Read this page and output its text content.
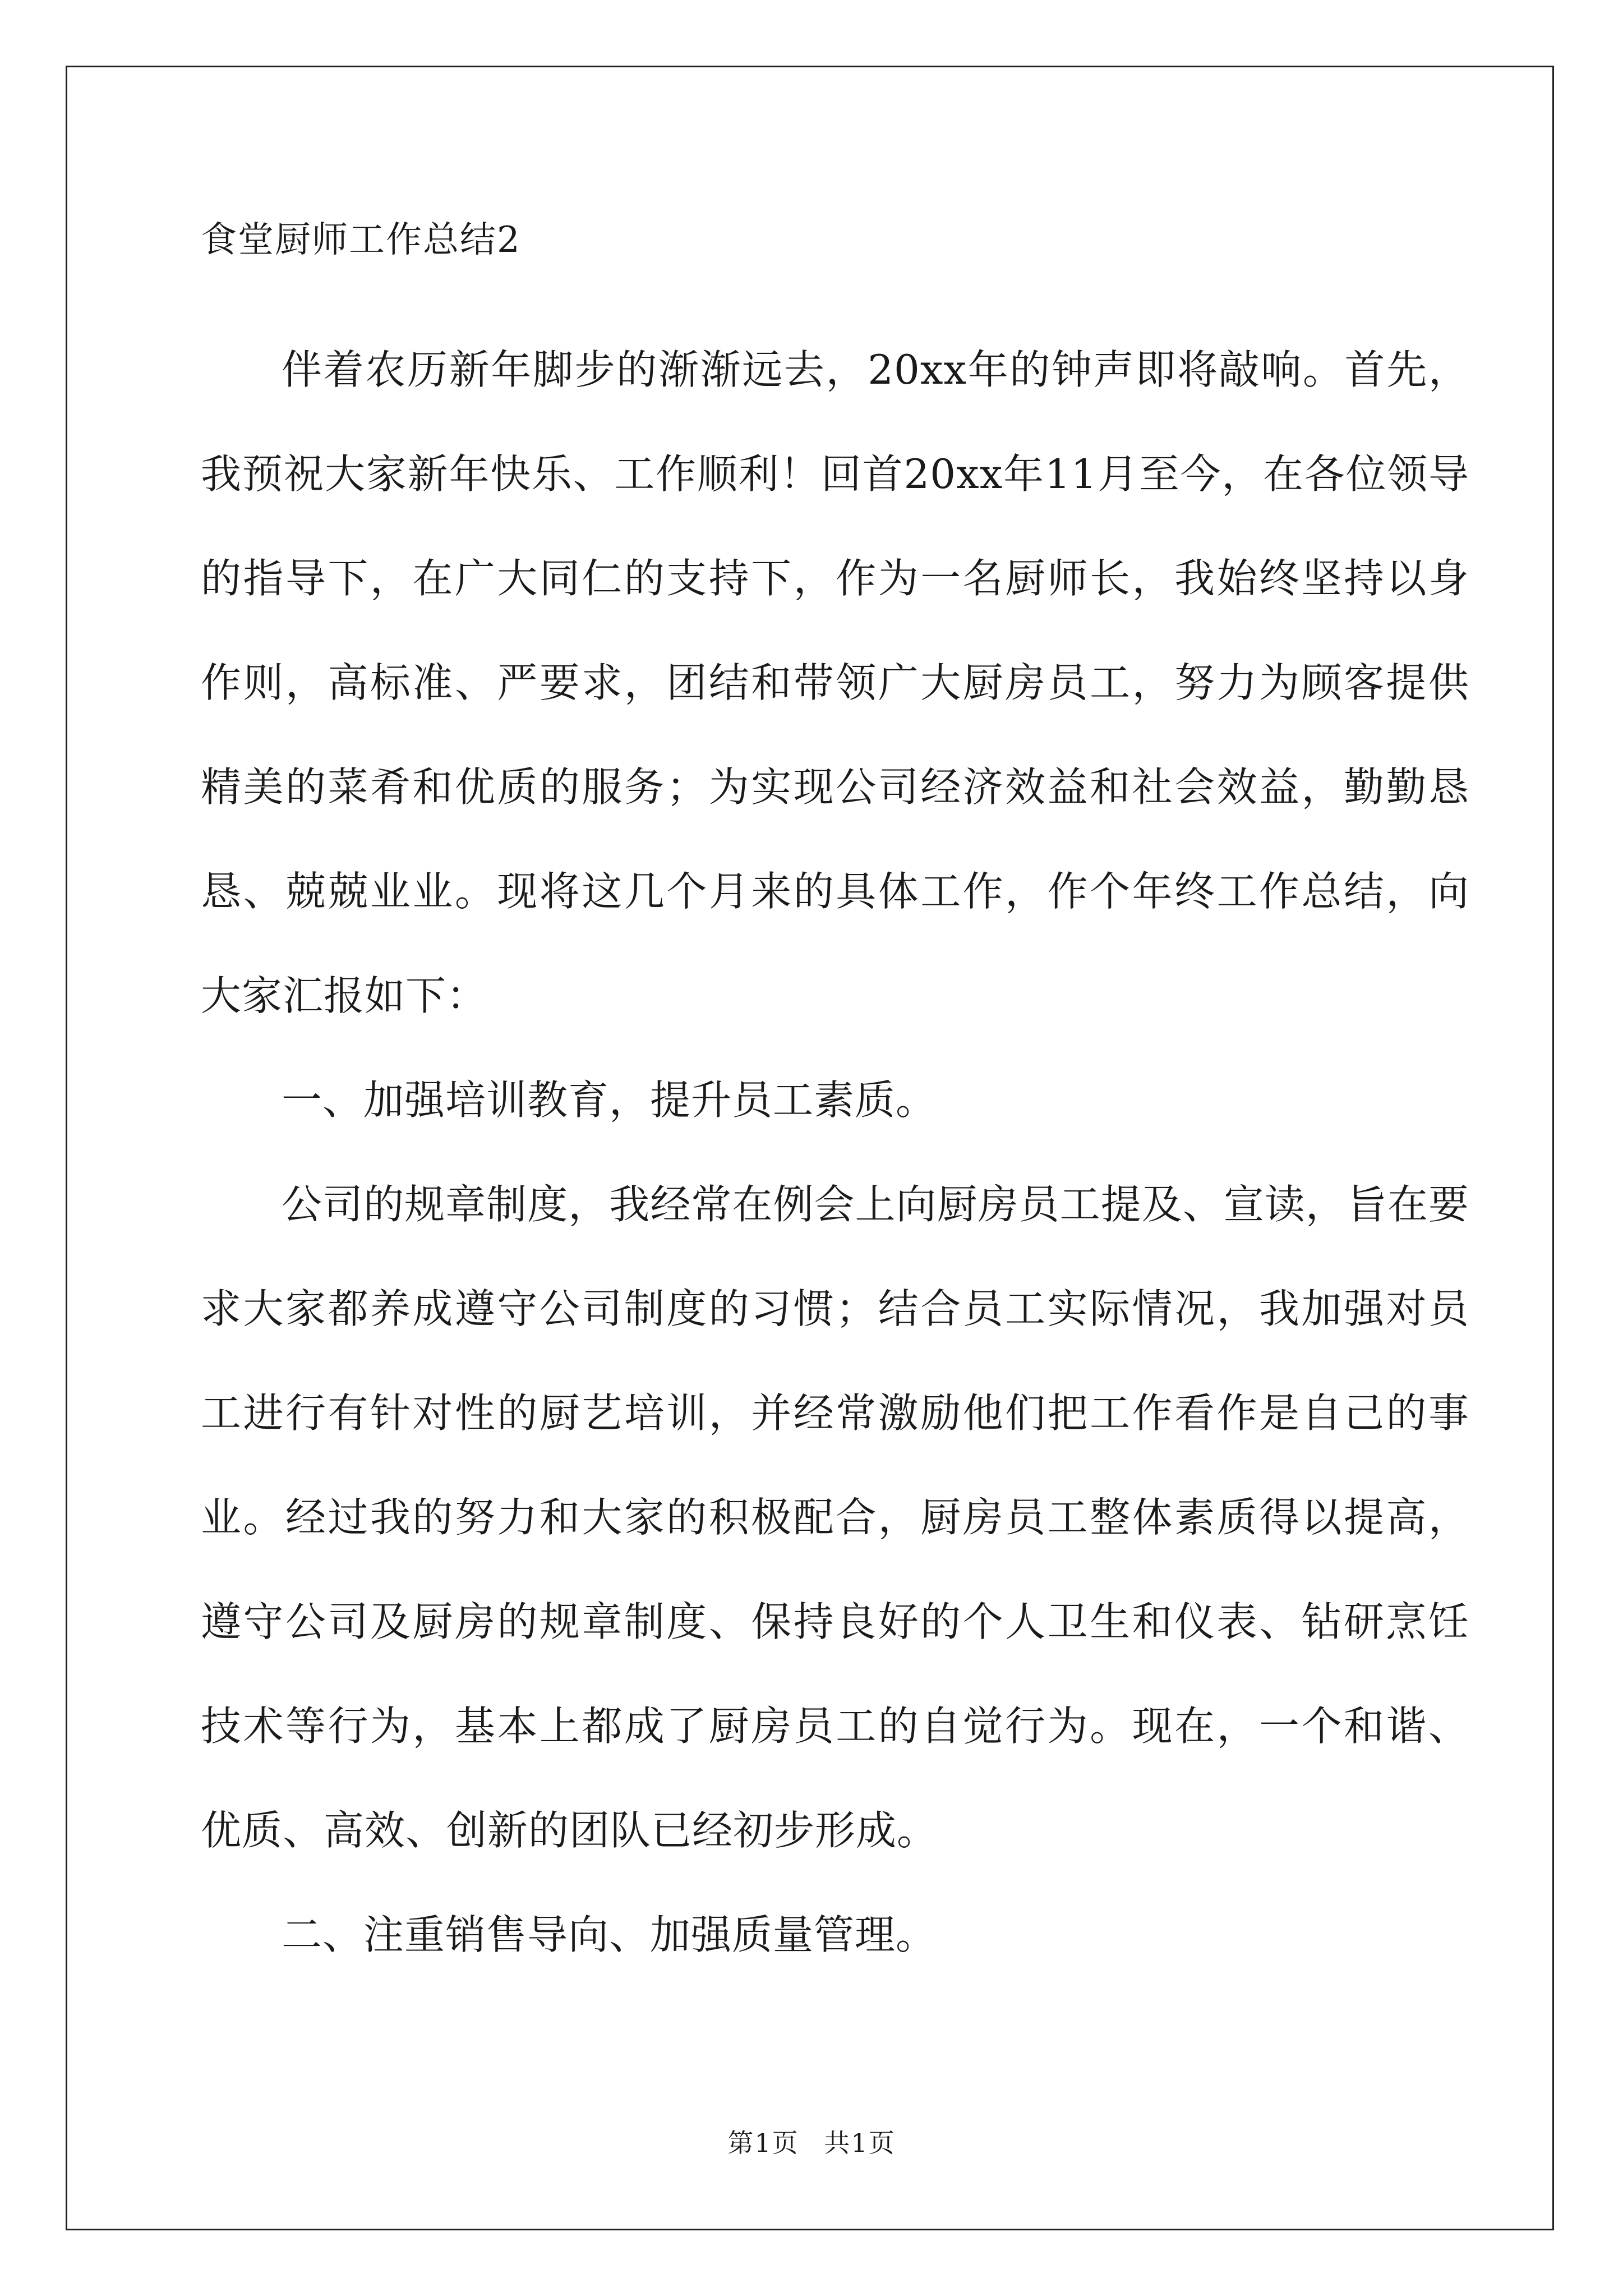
食堂厨师工作总结2

伴着农历新年脚步的渐渐远去，20xx年的钟声即将敲响。首先，我预祝大家新年快乐、工作顺利！回首20xx年11月至今，在各位领导的指导下，在广大同仁的支持下，作为一名厨师长，我始终坚持以身作则，高标准、严要求，团结和带领广大厨房员工，努力为顾客提供精美的菜肴和优质的服务；为实现公司经济效益和社会效益，勤勤恳恳、兢兢业业。现将这几个月来的具体工作，作个年终工作总结，向大家汇报如下：

一、加强培训教育，提升员工素质。

公司的规章制度，我经常在例会上向厨房员工提及、宣读，旨在要求大家都养成遵守公司制度的习惯；结合员工实际情况，我加强对员工进行有针对性的厨艺培训，并经常激励他们把工作看作是自己的事业。经过我的努力和大家的积极配合，厨房员工整体素质得以提高，遵守公司及厨房的规章制度、保持良好的个人卫生和仪表、钻研烹饪技术等行为，基本上都成了厨房员工的自觉行为。现在，一个和谐、优质、高效、创新的团队已经初步形成。

二、注重销售导向、加强质量管理。

第1页 共1页
